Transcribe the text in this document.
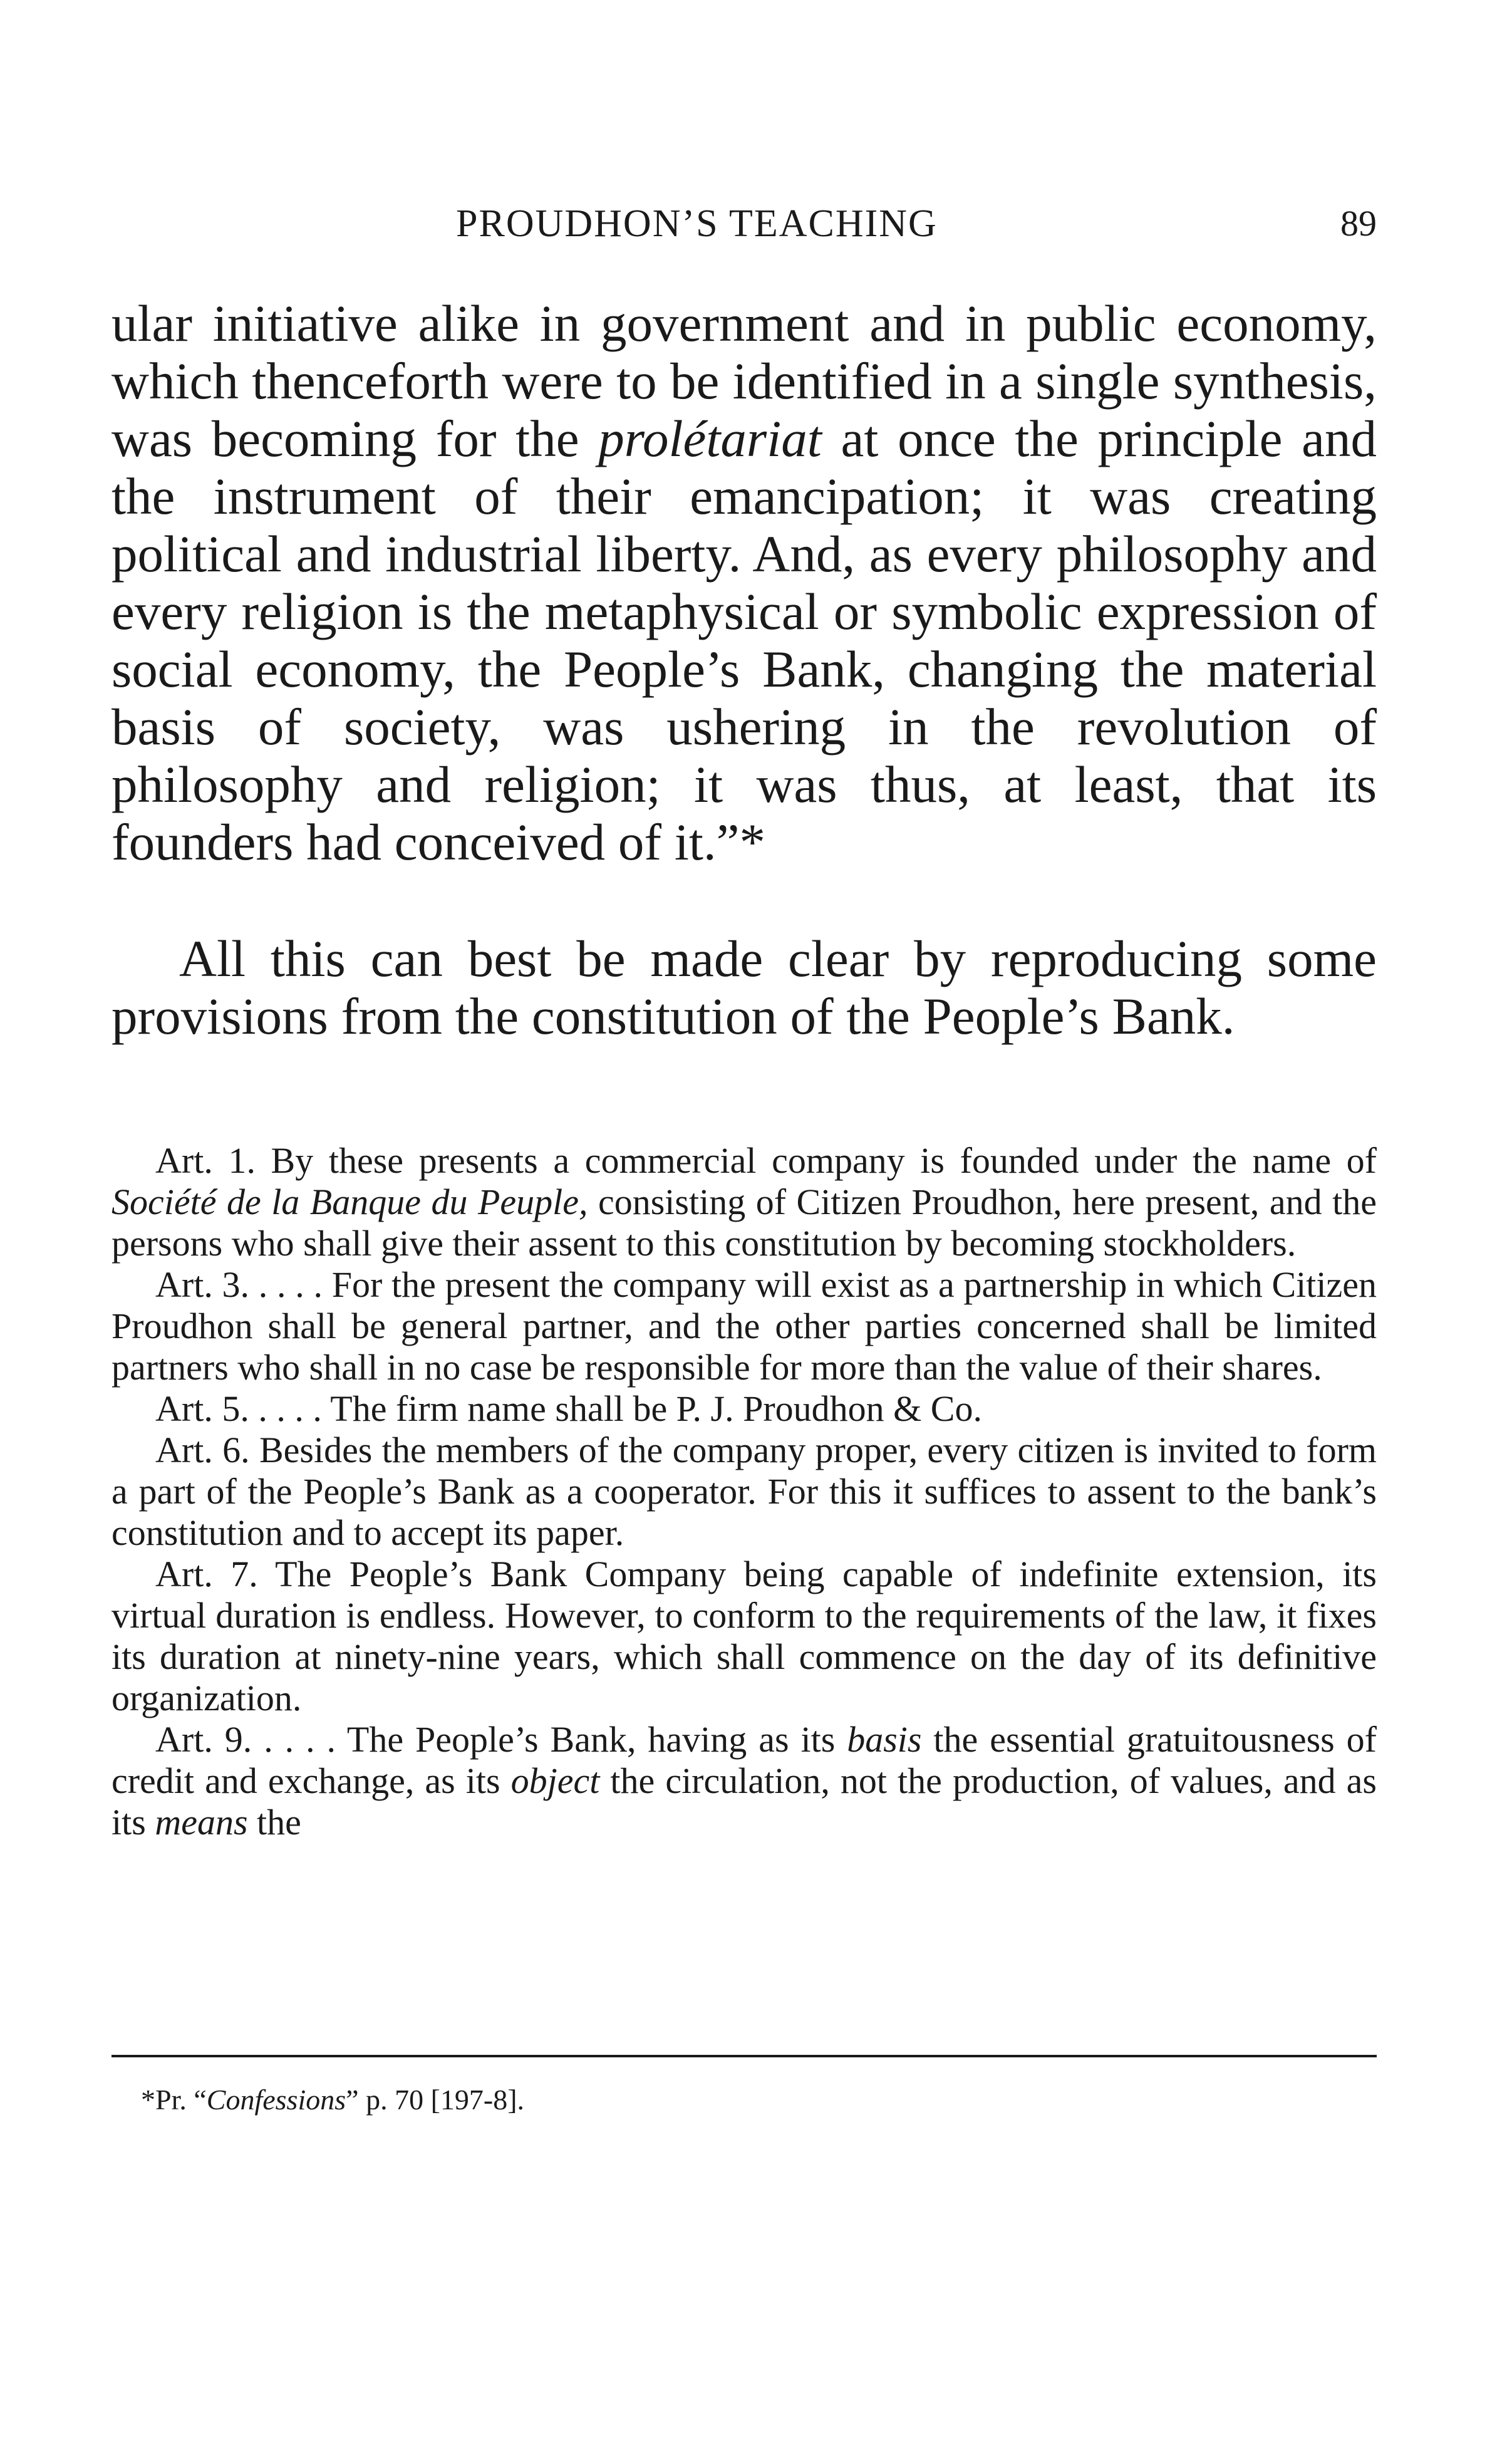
PROUDHON’S TEACHING	89

ular initiative alike in government and in public economy, which thenceforth were to be identified in a single synthesis, was becoming for the prolétariat at once the principle and the instrument of their emancipation; it was creating political and industrial liberty. And, as every philosophy and every religion is the metaphysical or symbolic expression of social economy, the People’s Bank, changing the material basis of society, was ushering in the revolution of philosophy and religion; it was thus, at least, that its founders had conceived of it.”*

All this can best be made clear by reproducing some provisions from the constitution of the People’s Bank.

Art. 1. By these presents a commercial company is founded under the name of Société de la Banque du Peuple, consisting of Citizen Proudhon, here present, and the persons who shall give their assent to this constitution by becoming stockholders.

Art. 3. . . . . For the present the company will exist as a partnership in which Citizen Proudhon shall be general partner, and the other parties concerned shall be limited partners who shall in no case be responsible for more than the value of their shares.

Art. 5. . . . . The firm name shall be P. J. Proudhon & Co.

Art. 6. Besides the members of the company proper, every citizen is invited to form a part of the People’s Bank as a cooperator. For this it suffices to assent to the bank’s constitution and to accept its paper.

Art. 7. The People’s Bank Company being capable of indefinite extension, its virtual duration is endless. However, to conform to the requirements of the law, it fixes its duration at ninety-nine years, which shall commence on the day of its definitive organization.

Art. 9. . . . . The People’s Bank, having as its basis the essential gratuitousness of credit and exchange, as its object the circulation, not the production, of values, and as its means the

*Pr. “Confessions” p. 70 [197-8].
